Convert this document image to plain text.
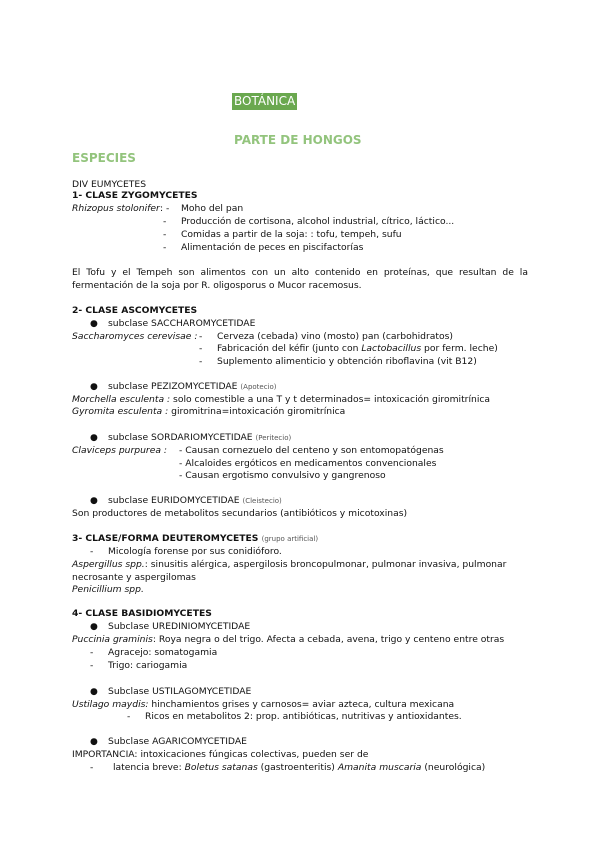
BOTÁNICA
PARTE DE HONGOS
ESPECIES
DIV EUMYCETES
1- CLASE ZYGOMYCETES
Rhizopus stolonifer : - Moho del pan
- Producción de cortisona, alcohol industrial, cítrico, láctico...
- Comidas a partir de la soja: : tofu, tempeh, sufu
- Alimentación de peces en piscifactorías
El Tofu y el Tempeh son alimentos con un alto contenido en proteínas, que resultan de la fermentación de la soja por R. oligosporus o Mucor racemosus.
2- CLASE ASCOMYCETES
● subclase SACCHAROMYCETIDAE
Saccharomyces cerevisae : - Cerveza (cebada) vino (mosto) pan (carbohidratos)
- Fabricación del kéfir (junto con Lactobacillus por ferm. leche)
- Suplemento alimenticio y obtención riboflavina (vit B12)
● subclase PEZIZOMYCETIDAE (Apotecio)
Morchella esculenta : solo comestible a una T y t determinados= intoxicación giromitrínica
Gyromita esculenta : giromitrina=intoxicación giromitrínica
● subclase SORDARIOMYCETIDAE (Peritecio)
Claviceps purpurea : - Causan cornezuelo del centeno y son entomopatógenas
- Alcaloides ergóticos en medicamentos convencionales
- Causan ergotismo convulsivo y gangrenoso
● subclase EURIDOMYCETIDAE (Cleistecio)
Son productores de metabolitos secundarios (antibióticos y micotoxinas)
3- CLASE/FORMA DEUTEROMYCETES (grupo artificial)
- Micología forense por sus conidióforo.
Aspergillus spp.: sinusitis alérgica, aspergilosis broncopulmonar, pulmonar invasiva, pulmonar
necrosante y aspergilomas
Penicillium spp.
4- CLASE BASIDIOMYCETES
● Subclase UREDINIOMYCETIDAE
Puccinia graminis: Roya negra o del trigo. Afecta a cebada, avena, trigo y centeno entre otras
- Agracejo: somatogamia
- Trigo: cariogamia
● Subclase USTILAGOMYCETIDAE
Ustilago maydis: hinchamientos grises y carnosos= aviar azteca, cultura mexicana
- Ricos en metabolitos 2: prop. antibióticas, nutritivas y antioxidantes.
● Subclase AGARICOMYCETIDAE
IMPORTANCIA: intoxicaciones fúngicas colectivas, pueden ser de
- latencia breve: Boletus satanas (gastroenteritis) Amanita muscaria (neurológica)
